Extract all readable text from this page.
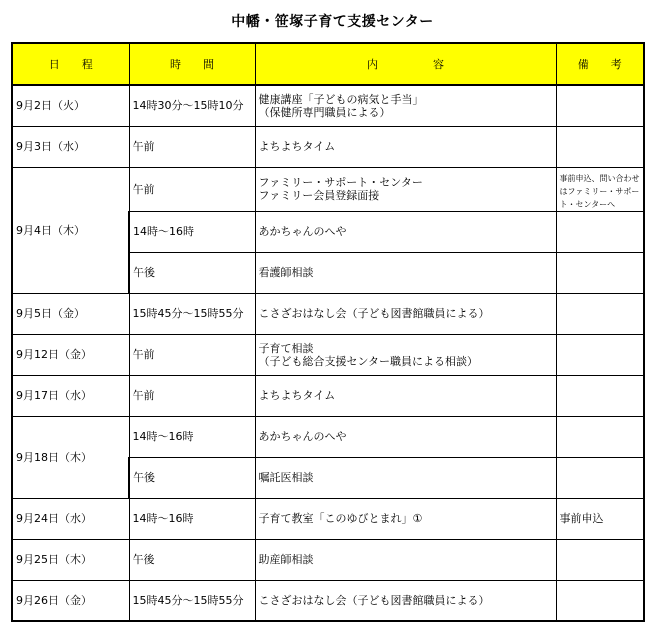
中幡・笹塚子育て支援センター
日　　程	時　　間	内　　　　　容	備　　考
9月2日（火）	14時30分～15時10分	健康講座「子どもの病気と手当」
（保健所専門職員による）	
9月3日（水）	午前	よちよちタイム	
9月4日（木）	午前	ファミリー・サポート・センター
ファミリー会員登録面接	事前申込、問い合わせはファミリー・サポート・センターへ
	14時～16時	あかちゃんのへや	
	午後	看護師相談	
9月5日（金）	15時45分～15時55分	こさざおはなし会（子ども図書館職員による）	
9月12日（金）	午前	子育て相談
（子ども総合支援センター職員による相談）	
9月17日（水）	午前	よちよちタイム	
9月18日（木）	14時～16時	あかちゃんのへや	
	午後	嘱託医相談	
9月24日（水）	14時～16時	子育て教室「このゆびとまれ」①	事前申込
9月25日（木）	午後	助産師相談	
9月26日（金）	15時45分～15時55分	こさざおはなし会（子ども図書館職員による）	
